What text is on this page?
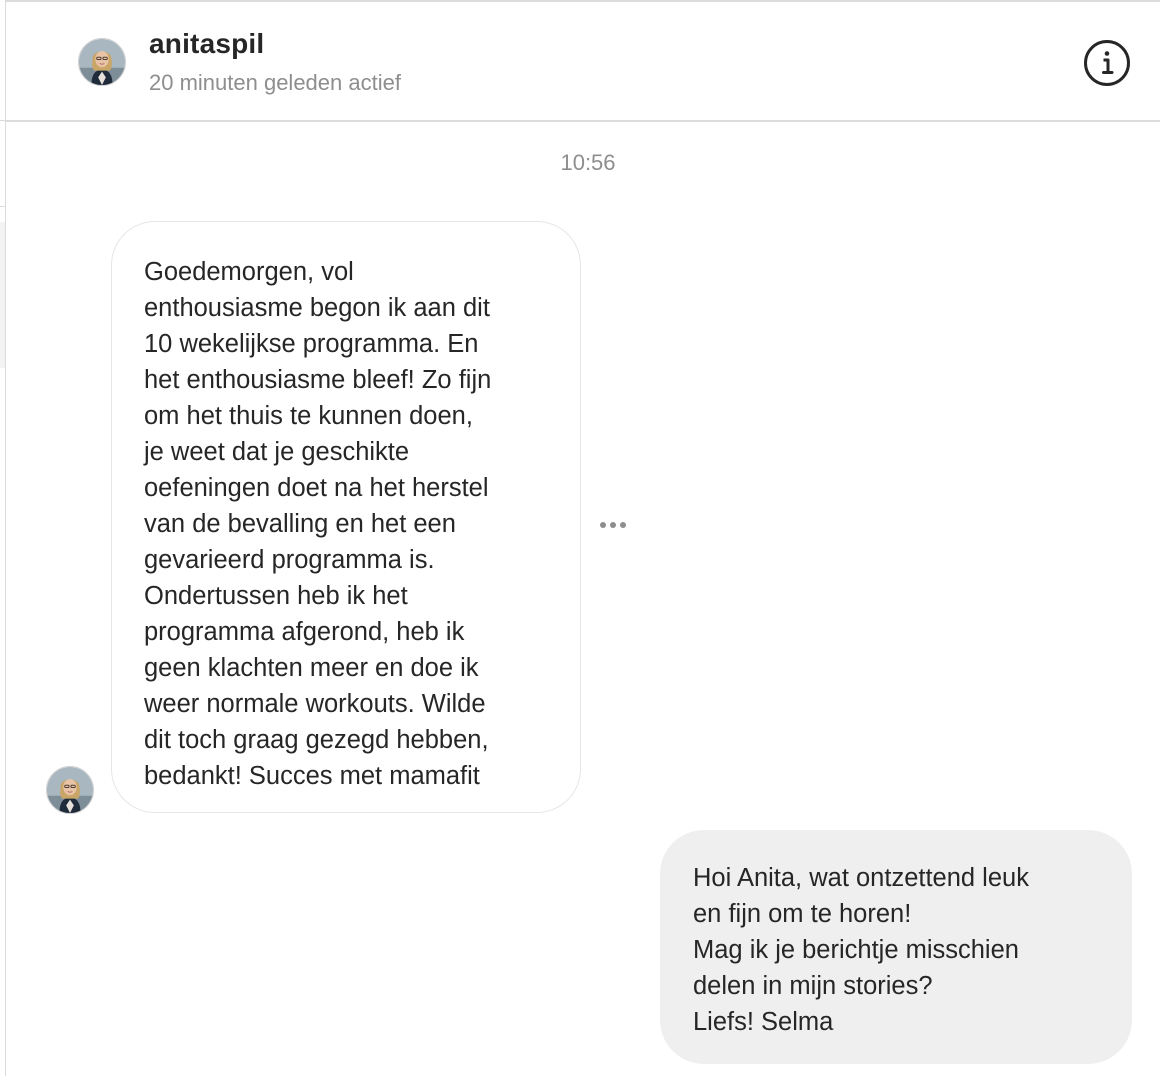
anitaspil
20 minuten geleden actief
10:56
Goedemorgen, vol
enthousiasme begon ik aan dit
10 wekelijkse programma. En
het enthousiasme bleef! Zo fijn
om het thuis te kunnen doen,
je weet dat je geschikte
oefeningen doet na het herstel
van de bevalling en het een
gevarieerd programma is.
Ondertussen heb ik het
programma afgerond, heb ik
geen klachten meer en doe ik
weer normale workouts. Wilde
dit toch graag gezegd hebben,
bedankt! Succes met mamafit
Hoi Anita, wat ontzettend leuk
en fijn om te horen!
Mag ik je berichtje misschien
delen in mijn stories?
Liefs! Selma
